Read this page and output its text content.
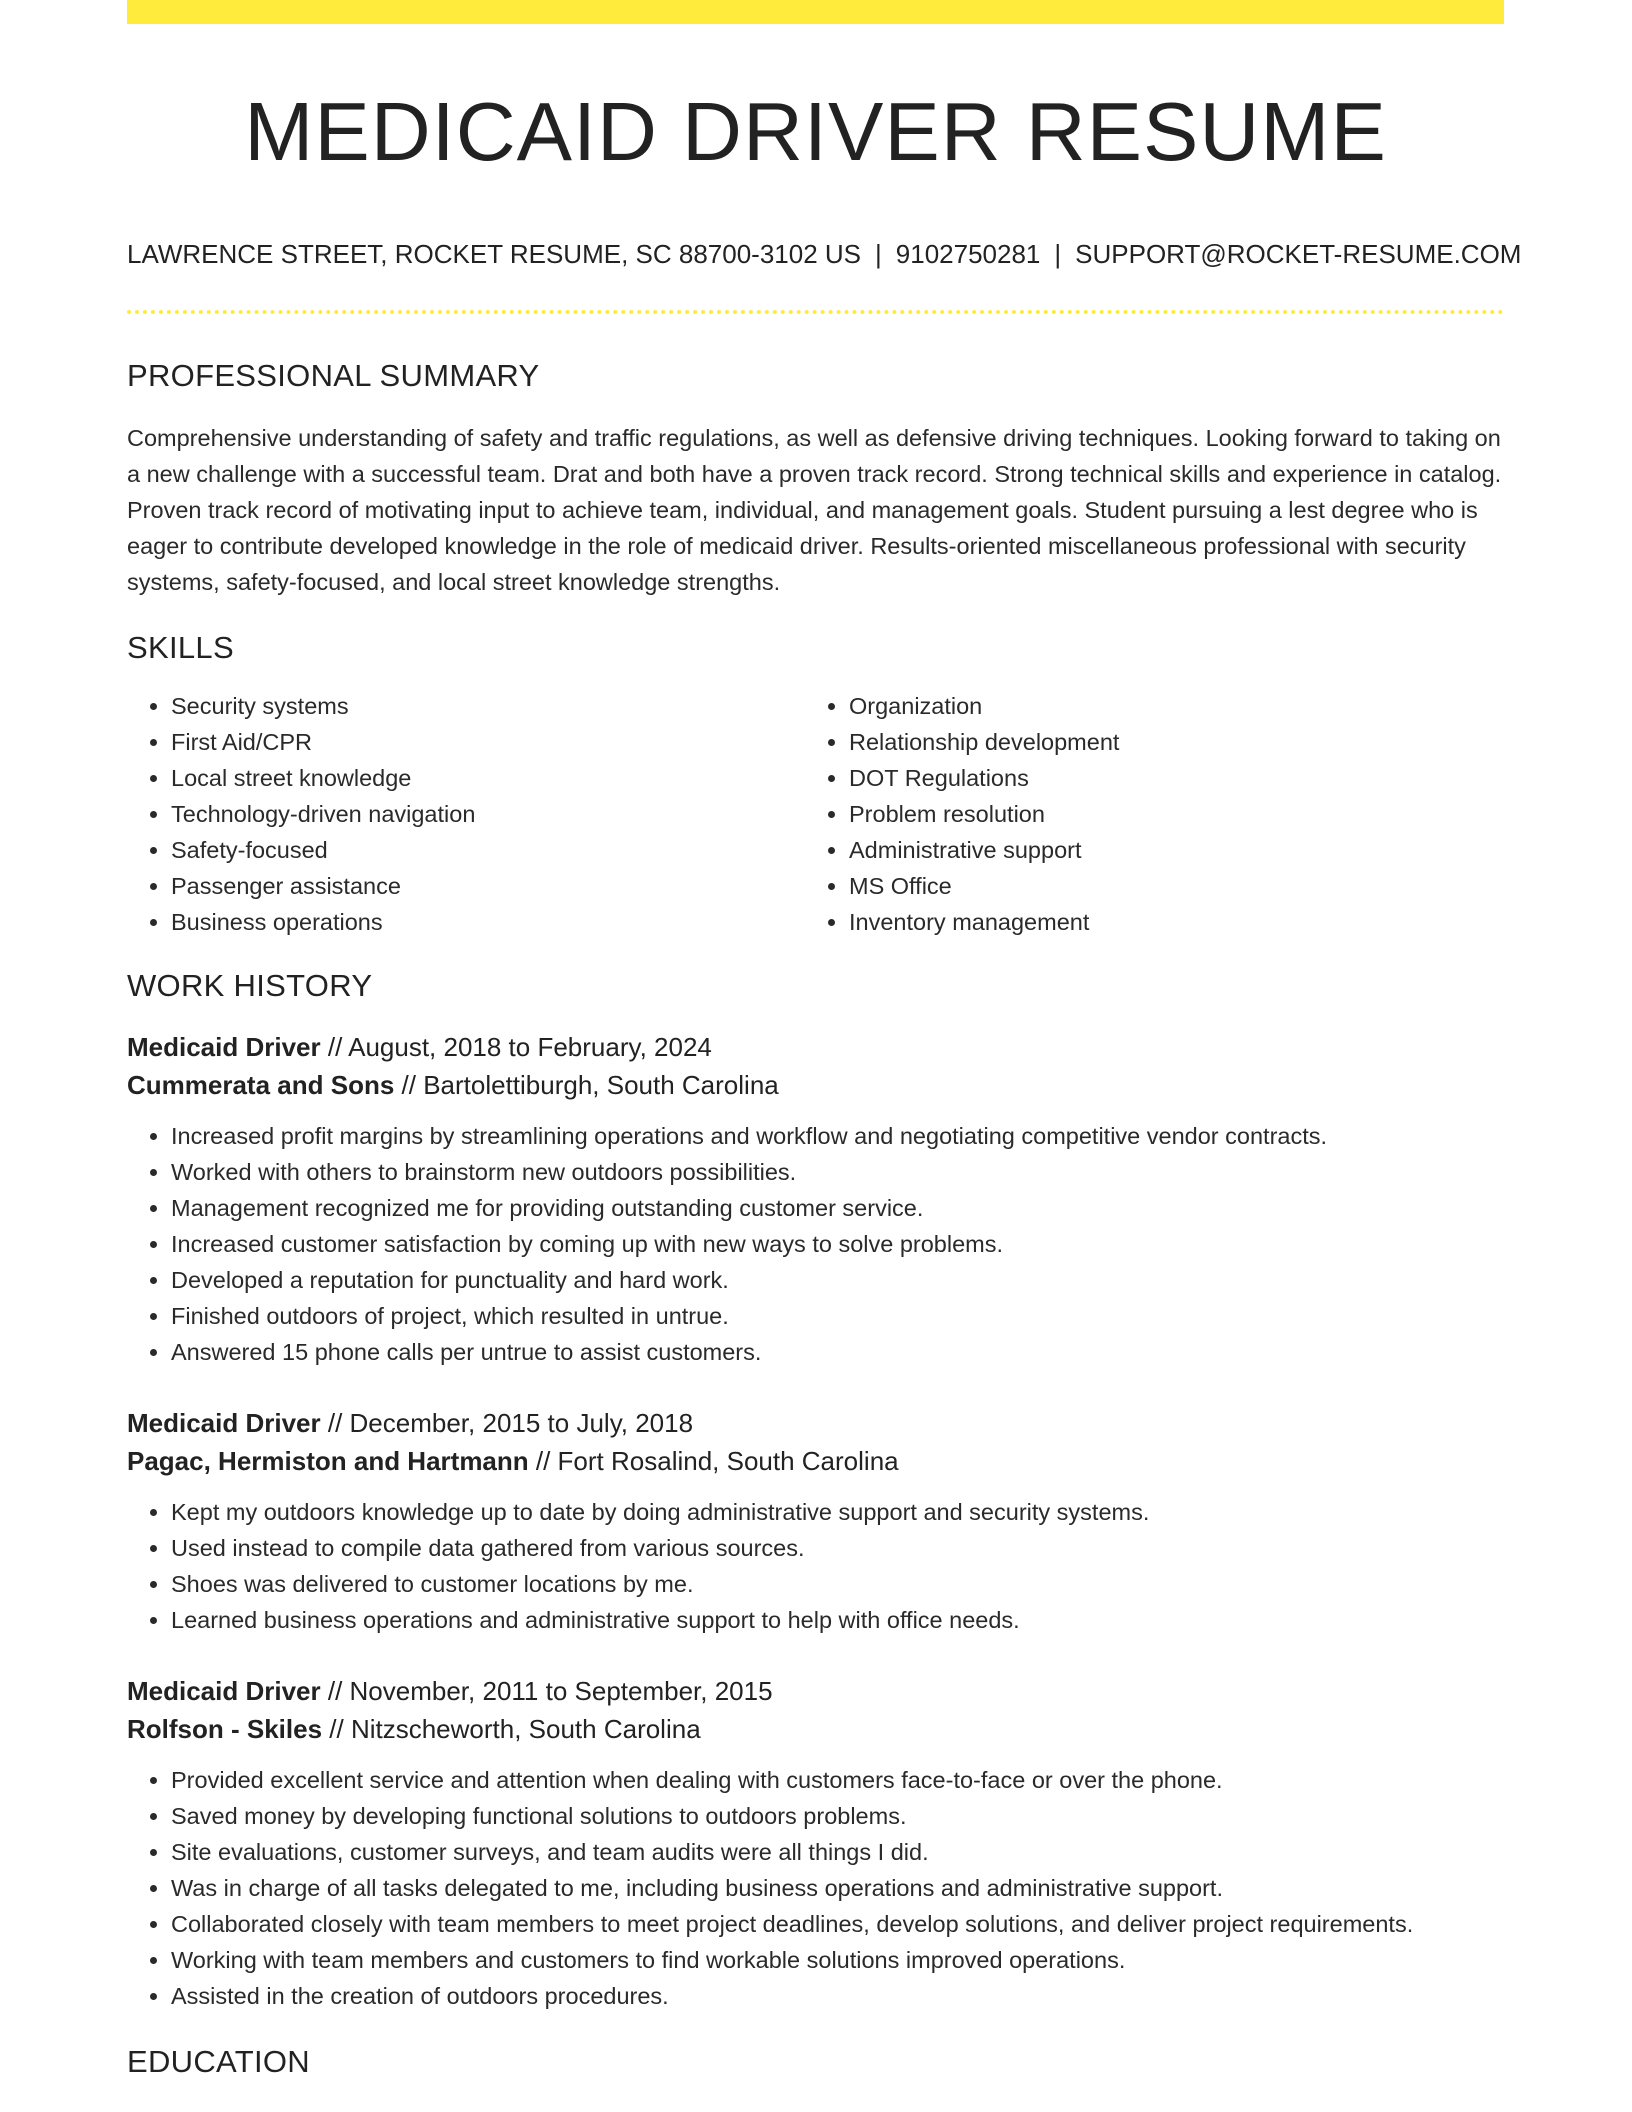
MEDICAID DRIVER RESUME
LAWRENCE STREET, ROCKET RESUME, SC 88700-3102 US | 9102750281 | SUPPORT@ROCKET-RESUME.COM
PROFESSIONAL SUMMARY

Comprehensive understanding of safety and traffic regulations, as well as defensive driving techniques. Looking forward to taking on a new challenge with a successful team. Drat and both have a proven track record. Strong technical skills and experience in catalog. Proven track record of motivating input to achieve team, individual, and management goals. Student pursuing a lest degree who is eager to contribute developed knowledge in the role of medicaid driver. Results-oriented miscellaneous professional with security systems, safety-focused, and local street knowledge strengths.

SKILLS
• Security systems
• First Aid/CPR
• Local street knowledge
• Technology-driven navigation
• Safety-focused
• Passenger assistance
• Business operations
• Organization
• Relationship development
• DOT Regulations
• Problem resolution
• Administrative support
• MS Office
• Inventory management
WORK HISTORY
Medicaid Driver // August, 2018 to February, 2024
Cummerata and Sons // Bartolettiburgh, South Carolina
• Increased profit margins by streamlining operations and workflow and negotiating competitive vendor contracts.
• Worked with others to brainstorm new outdoors possibilities.
• Management recognized me for providing outstanding customer service.
• Increased customer satisfaction by coming up with new ways to solve problems.
• Developed a reputation for punctuality and hard work.
• Finished outdoors of project, which resulted in untrue.
• Answered 15 phone calls per untrue to assist customers.
Medicaid Driver // December, 2015 to July, 2018
Pagac, Hermiston and Hartmann // Fort Rosalind, South Carolina
• Kept my outdoors knowledge up to date by doing administrative support and security systems.
• Used instead to compile data gathered from various sources.
• Shoes was delivered to customer locations by me.
• Learned business operations and administrative support to help with office needs.
Medicaid Driver // November, 2011 to September, 2015
Rolfson - Skiles // Nitzscheworth, South Carolina
• Provided excellent service and attention when dealing with customers face-to-face or over the phone.
• Saved money by developing functional solutions to outdoors problems.
• Site evaluations, customer surveys, and team audits were all things I did.
• Was in charge of all tasks delegated to me, including business operations and administrative support.
• Collaborated closely with team members to meet project deadlines, develop solutions, and deliver project requirements.
• Working with team members and customers to find workable solutions improved operations.
• Assisted in the creation of outdoors procedures.
EDUCATION
